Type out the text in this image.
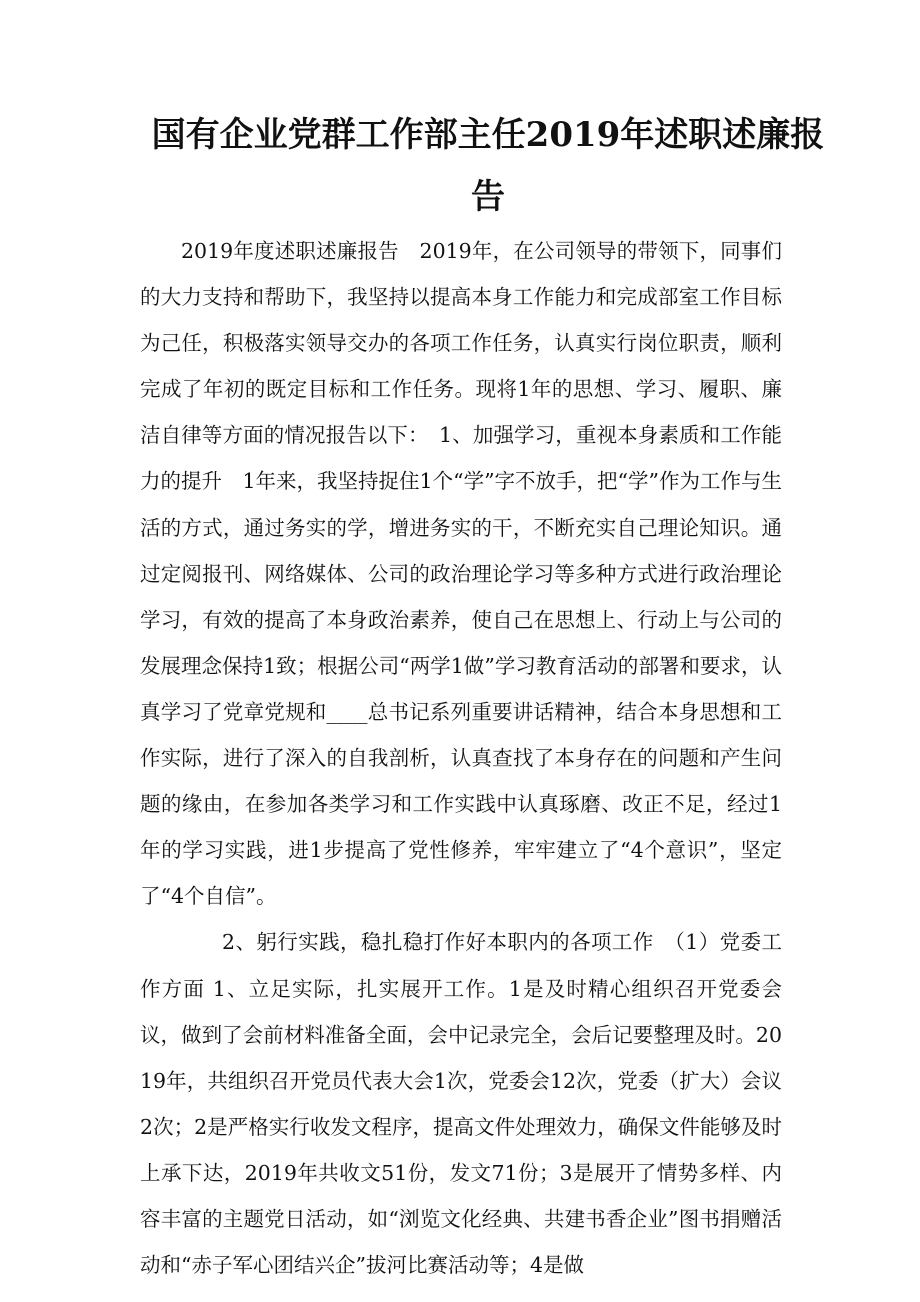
国有企业党群工作部主任2019年述职述廉报告

2019年度述职述廉报告　2019年，在公司领导的带领下，同事们的大力支持和帮助下，我坚持以提高本身工作能力和完成部室工作目标为己任，积极落实领导交办的各项工作任务，认真实行岗位职责，顺利完成了年初的既定目标和工作任务。现将1年的思想、学习、履职、廉洁自律等方面的情况报告以下：　1、加强学习，重视本身素质和工作能力的提升　1年来，我坚持捉住1个“学”字不放手，把“学”作为工作与生活的方式，通过务实的学，增进务实的干，不断充实自己理论知识。通过定阅报刊、网络媒体、公司的政治理论学习等多种方式进行政治理论学习，有效的提高了本身政治素养，使自己在思想上、行动上与公司的发展理念保持1致；根据公司“两学1做”学习教育活动的部署和要求，认真学习了党章党规和____总书记系列重要讲话精神，结合本身思想和工作实际，进行了深入的自我剖析，认真查找了本身存在的问题和产生问题的缘由，在参加各类学习和工作实践中认真琢磨、改正不足，经过1年的学习实践，进1步提高了党性修养，牢牢建立了“4个意识”，坚定了“4个自信”。

2、躬行实践，稳扎稳打作好本职内的各项工作　（1）党委工作方面 1、立足实际，扎实展开工作。1是及时精心组织召开党委会议，做到了会前材料准备全面，会中记录完全，会后记要整理及时。2019年，共组织召开党员代表大会1次，党委会12次，党委（扩大）会议2次；2是严格实行收发文程序，提高文件处理效力，确保文件能够及时上承下达，2019年共收文51份，发文71份；3是展开了情势多样、内容丰富的主题党日活动，如“浏览文化经典、共建书香企业”图书捐赠活动和“赤子军心团结兴企”拔河比赛活动等；4是做
